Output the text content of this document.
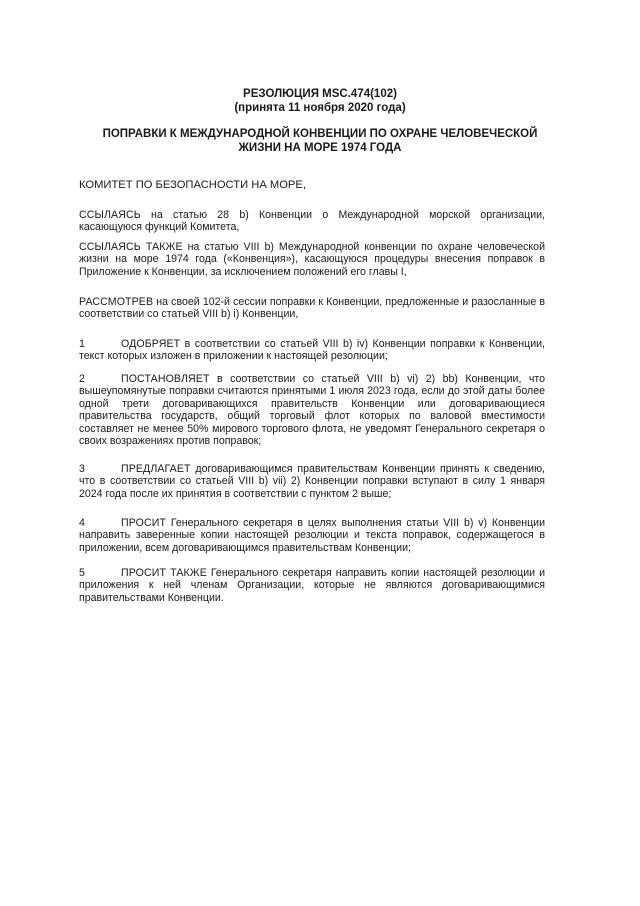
РЕЗОЛЮЦИЯ MSC.474(102)
(принята 11 ноября 2020 года)
ПОПРАВКИ К МЕЖДУНАРОДНОЙ КОНВЕНЦИИ ПО ОХРАНЕ ЧЕЛОВЕЧЕСКОЙ ЖИЗНИ НА МОРЕ 1974 ГОДА
КОМИТЕТ ПО БЕЗОПАСНОСТИ НА МОРЕ,
ССЫЛАЯСЬ на статью 28 b) Конвенции о Международной морской организации, касающуюся функций Комитета,
ССЫЛАЯСЬ ТАКЖЕ на статью VIII b) Международной конвенции по охране человеческой жизни на море 1974 года («Конвенция»), касающуюся процедуры внесения поправок в Приложение к Конвенции, за исключением положений его главы I,
РАССМОТРЕВ на своей 102-й сессии поправки к Конвенции, предложенные и разосланные в соответствии со статьей VIII b) i) Конвенции,
1	ОДОБРЯЕТ в соответствии со статьей VIII b) iv) Конвенции поправки к Конвенции, текст которых изложен в приложении к настоящей резолюции;
2	ПОСТАНОВЛЯЕТ в соответствии со статьей VIII b) vi) 2) bb) Конвенции, что вышеупомянутые поправки считаются принятыми 1 июля 2023 года, если до этой даты более одной трети договаривающихся правительств Конвенции или договаривающиеся правительства государств, общий торговый флот которых по валовой вместимости составляет не менее 50% мирового торгового флота, не уведомят Генерального секретаря о своих возражениях против поправок;
3	ПРЕДЛАГАЕТ договаривающимся правительствам Конвенции принять к сведению, что в соответствии со статьей VIII b) vii) 2) Конвенции поправки вступают в силу 1 января 2024 года после их принятия в соответствии с пунктом 2 выше;
4	ПРОСИТ Генерального секретаря в целях выполнения статьи VIII b) v) Конвенции направить заверенные копии настоящей резолюции и текста поправок, содержащегося в приложении, всем договаривающимся правительствам Конвенции;
5	ПРОСИТ ТАКЖЕ Генерального секретаря направить копии настоящей резолюции и приложения к ней членам Организации, которые не являются договаривающимися правительствами Конвенции.
